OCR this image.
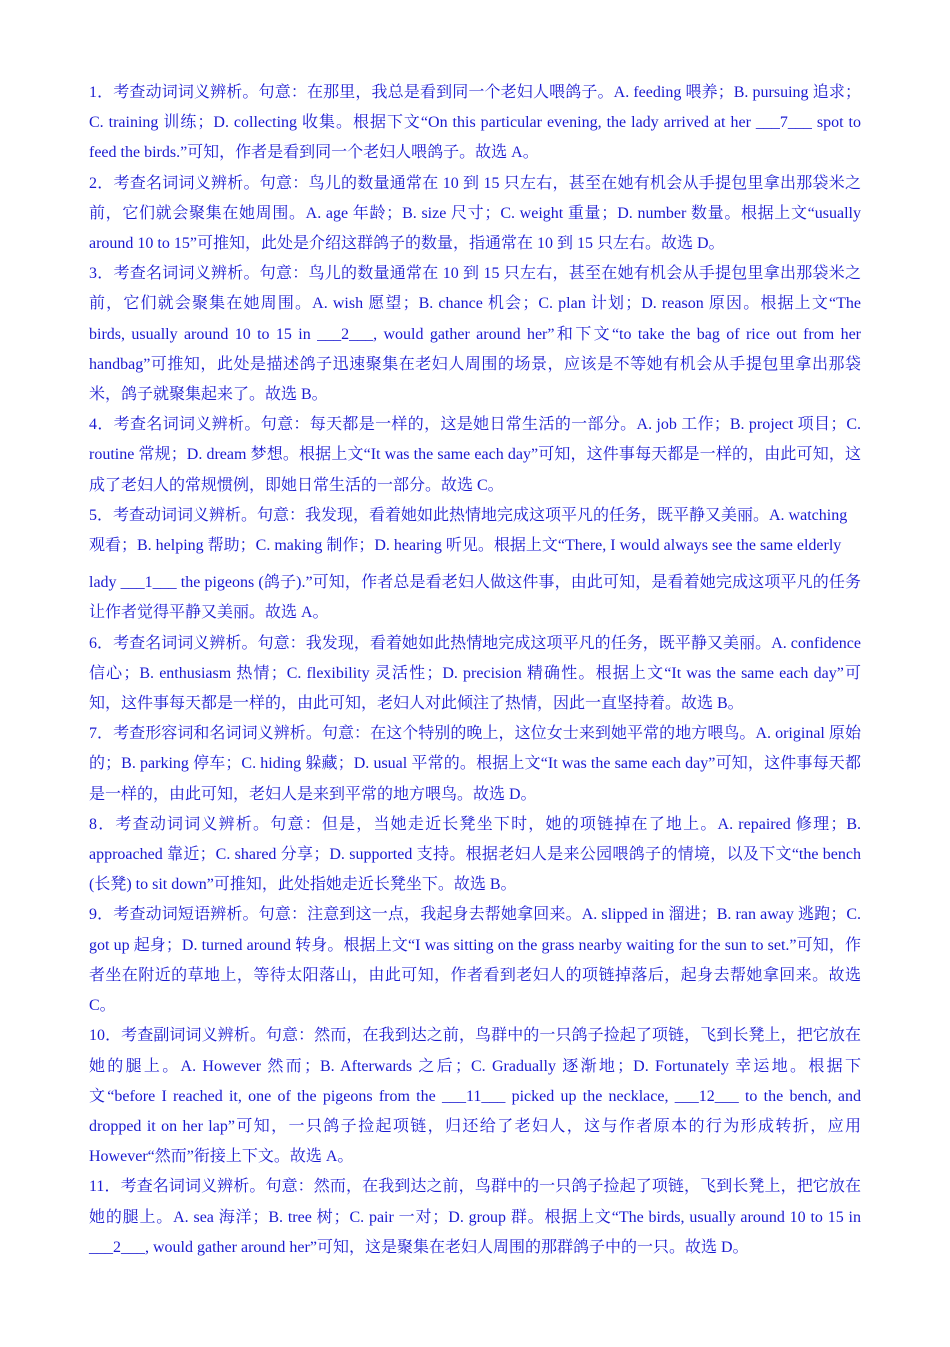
1．考查动词词义辨析。句意：在那里，我总是看到同一个老妇人喂鸽子。A. feeding 喂养；B. pursuing 追求；C. training 训练；D. collecting 收集。根据下文“On this particular evening, the lady arrived at her ___7___ spot to feed the birds.”可知，作者是看到同一个老妇人喂鸽子。故选 A。

2．考查名词词义辨析。句意：鸟儿的数量通常在 10 到 15 只左右，甚至在她有机会从手提包里拿出那袋米之前，它们就会聚集在她周围。A. age 年龄；B. size 尺寸；C. weight 重量；D. number 数量。根据上文“usually around 10 to 15”可推知，此处是介绍这群鸽子的数量，指通常在 10 到 15 只左右。故选 D。

3．考查名词词义辨析。句意：鸟儿的数量通常在 10 到 15 只左右，甚至在她有机会从手提包里拿出那袋米之前，它们就会聚集在她周围。A. wish 愿望；B. chance 机会；C. plan 计划；D. reason 原因。根据上文“The birds, usually around 10 to 15 in ___2___, would gather around her”和下文“to take the bag of rice out from her handbag”可推知，此处是描述鸽子迅速聚集在老妇人周围的场景，应该是不等她有机会从手提包里拿出那袋米，鸽子就聚集起来了。故选 B。

4．考查名词词义辨析。句意：每天都是一样的，这是她日常生活的一部分。A. job 工作；B. project 项目；C. routine 常规；D. dream 梦想。根据上文“It was the same each day”可知，这件事每天都是一样的，由此可知，这成了老妇人的常规惯例，即她日常生活的一部分。故选 C。

5．考查动词词义辨析。句意：我发现，看着她如此热情地完成这项平凡的任务，既平静又美丽。A. watching 观看；B. helping 帮助；C. making 制作；D. hearing 听见。根据上文“There, I would always see the same elderly

lady ___1___ the pigeons (鸽子).”可知，作者总是看老妇人做这件事，由此可知，是看着她完成这项平凡的任务让作者觉得平静又美丽。故选 A。

6．考查名词词义辨析。句意：我发现，看着她如此热情地完成这项平凡的任务，既平静又美丽。A. confidence 信心；B. enthusiasm 热情；C. flexibility 灵活性；D. precision 精确性。根据上文“It was the same each day”可知，这件事每天都是一样的，由此可知，老妇人对此倾注了热情，因此一直坚持着。故选 B。

7．考查形容词和名词词义辨析。句意：在这个特别的晚上，这位女士来到她平常的地方喂鸟。A. original 原始的；B. parking 停车；C. hiding 躲藏；D. usual 平常的。根据上文“It was the same each day”可知，这件事每天都是一样的，由此可知，老妇人是来到平常的地方喂鸟。故选 D。

8．考查动词词义辨析。句意：但是，当她走近长凳坐下时，她的项链掉在了地上。A. repaired 修理；B. approached 靠近；C. shared 分享；D. supported 支持。根据老妇人是来公园喂鸽子的情境，以及下文“the bench (长凳) to sit down”可推知，此处指她走近长凳坐下。故选 B。

9．考查动词短语辨析。句意：注意到这一点，我起身去帮她拿回来。A. slipped in 溜进；B. ran away 逃跑；C. got up 起身；D. turned around 转身。根据上文“I was sitting on the grass nearby waiting for the sun to set.”可知，作者坐在附近的草地上，等待太阳落山，由此可知，作者看到老妇人的项链掉落后，起身去帮她拿回来。故选 C。

10．考查副词词义辨析。句意：然而，在我到达之前，鸟群中的一只鸽子捡起了项链，飞到长凳上，把它放在她的腿上。A. However 然而；B. Afterwards 之后；C. Gradually 逐渐地；D. Fortunately 幸运地。根据下文“before I reached it, one of the pigeons from the ___11___ picked up the necklace, ___12___ to the bench, and dropped it on her lap”可知，一只鸽子捡起项链，归还给了老妇人，这与作者原本的行为形成转折，应用 However“然而”衔接上下文。故选 A。

11．考查名词词义辨析。句意：然而，在我到达之前，鸟群中的一只鸽子捡起了项链，飞到长凳上，把它放在她的腿上。A. sea 海洋；B. tree 树；C. pair 一对；D. group 群。根据上文“The birds, usually around 10 to 15 in ___2___, would gather around her”可知，这是聚集在老妇人周围的那群鸽子中的一只。故选 D。
